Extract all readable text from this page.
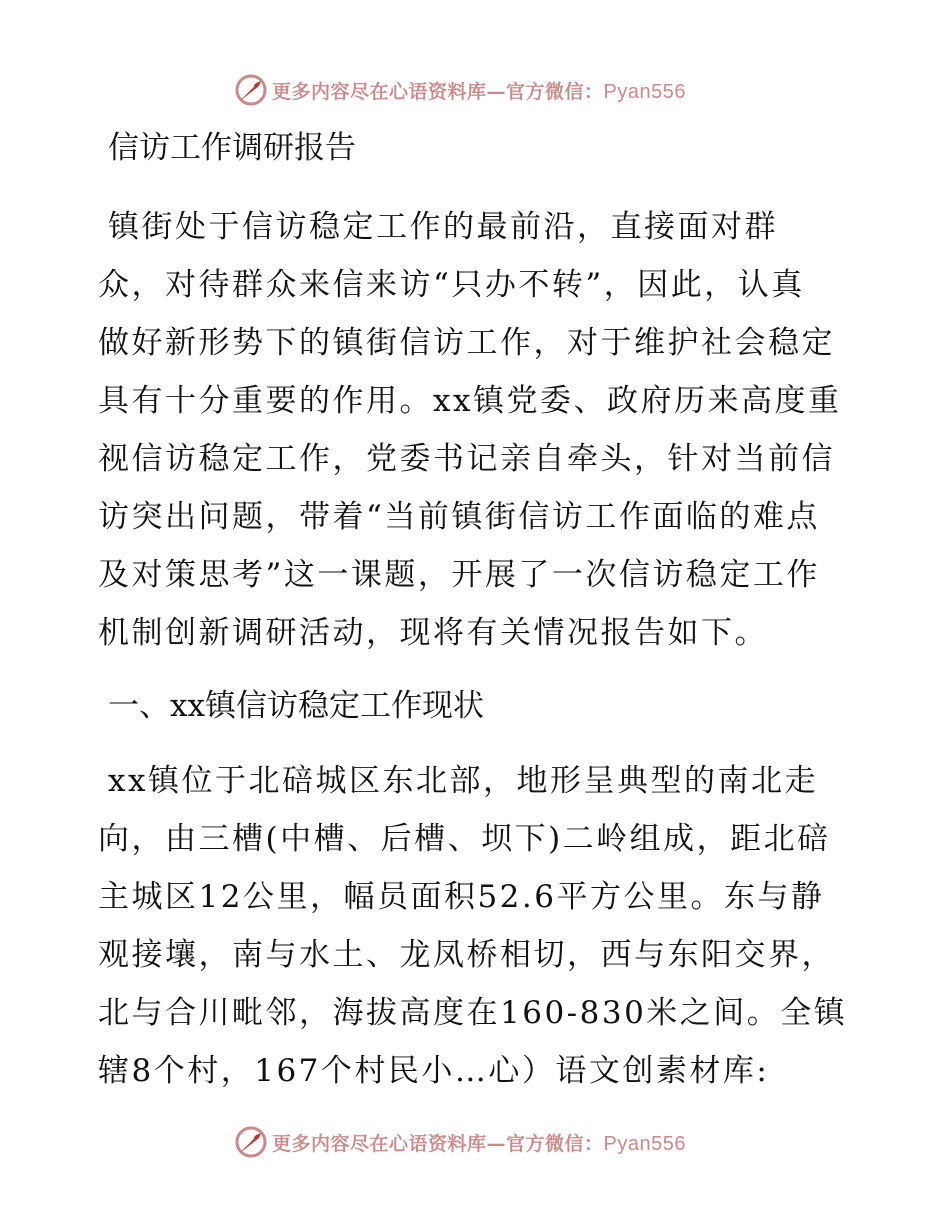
更多内容尽在心语资料库—官方微信：Pyan556
信访工作调研报告
镇街处于信访稳定工作的最前沿，直接面对群
众，对待群众来信来访“只办不转”，因此，认真
做好新形势下的镇街信访工作，对于维护社会稳定
具有十分重要的作用。xx镇党委、政府历来高度重
视信访稳定工作，党委书记亲自牵头，针对当前信
访突出问题，带着“当前镇街信访工作面临的难点
及对策思考”这一课题，开展了一次信访稳定工作
机制创新调研活动，现将有关情况报告如下。
一、xx镇信访稳定工作现状
xx镇位于北碚城区东北部，地形呈典型的南北走
向，由三槽(中槽、后槽、坝下)二岭组成，距北碚
主城区12公里，幅员面积52.6平方公里。东与静
观接壤，南与水土、龙凤桥相切，西与东阳交界，
北与合川毗邻，海拔高度在160-830米之间。全镇
辖8个村，167个村民小…心）语文创素材库:
更多内容尽在心语资料库—官方微信：Pyan556
